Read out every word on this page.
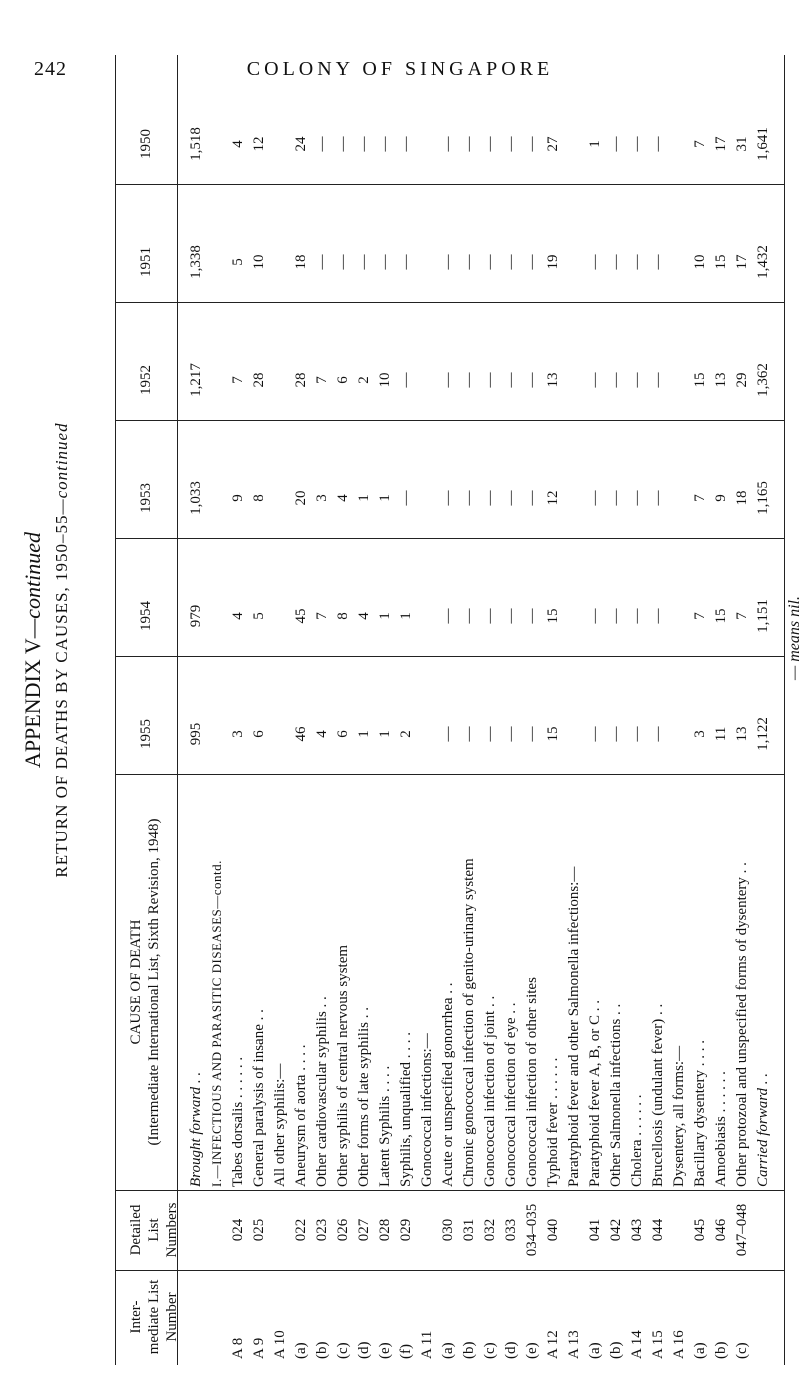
242	COLONY OF SINGAPORE
APPENDIX V—continued RETURN OF DEATHS BY CAUSES, 1950–55—continued
Inter- mediate List Number
Detailed List Numbers
CAUSE OF DEATH (Intermediate International List, Sixth Revision, 1948)
1955
1954
1953
1952
1951
1950
Brought forward . .
995
979
1,033
1,217
1,338
1,518
I.—INFECTIOUS AND PARASITIC DISEASES—contd.
A 8
024
Tabes dorsalis . . . . . .
3
4
9
7
5
4
A 9
025
General paralysis of insane . .
6
5
8
28
10
12
A 10
All other syphilis:—
(a)
022
Aneurysm of aorta . . . .
46
45
20
28
18
24
(b)
023
Other cardiovascular syphilis . .
4
7
3
7
—
—
(c)
026
Other syphilis of central nervous system
6
8
4
6
—
—
(d)
027
Other forms of late syphilis . .
1
4
1
2
—
—
(e)
028
Latent Syphilis . . . .
1
1
1
10
—
—
(f)
029
Syphilis, unqualified . . . .
2
1
—
—
—
—
A 11
Gonococcal infections:—
(a)
030
Acute or unspecified gonorrhea . .
—
—
—
—
—
—
(b)
031
Chronic gonococcal infection of genito-urinary system
—
—
—
—
—
—
(c)
032
Gonococcal infection of joint . .
—
—
—
—
—
—
(d)
033
Gonococcal infection of eye . .
—
—
—
—
—
—
(e)
034–035
Gonococcal infection of other sites
—
—
—
—
—
—
A 12
040
Typhoid fever . . . . . .
15
15
12
13
19
27
A 13
Paratyphoid fever and other Salmonella infections:—
(a)
041
Paratyphoid fever A, B, or C . .
—
—
—
—
—
1
(b)
042
Other Salmonella infections . .
—
—
—
—
—
—
A 14
043
Cholera . . . . . .
—
—
—
—
—
—
A 15
044
Brucellosis (undulant fever) . .
—
—
—
—
—
—
A 16
Dysentery, all forms:—
(a)
045
Bacillary dysentery . . . .
3
7
7
15
10
7
(b)
046
Amoebiasis . . . . . .
11
15
9
13
15
17
(c)
047–048
Other protozoal and unspecified forms of dysentery . .
13
7
18
29
17
31
Carried forward . .
1,122
1,151
1,165
1,362
1,432
1,641
— means nil.
